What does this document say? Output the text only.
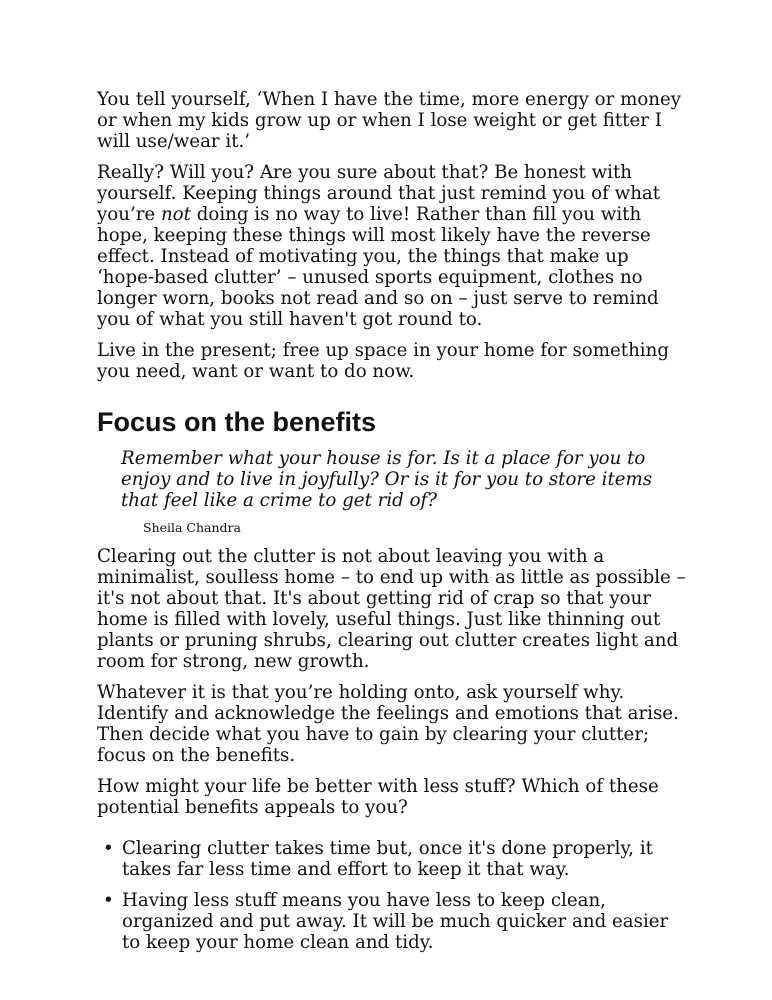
You tell yourself, ‘When I have the time, more energy or money or when my kids grow up or when I lose weight or get fitter I will use/wear it.’

Really? Will you? Are you sure about that? Be honest with yourself. Keeping things around that just remind you of what you’re not doing is no way to live! Rather than fill you with hope, keeping these things will most likely have the reverse effect. Instead of motivating you, the things that make up ‘hope-based clutter’ – unused sports equipment, clothes no longer worn, books not read and so on – just serve to remind you of what you still haven't got round to.

Live in the present; free up space in your home for something you need, want or want to do now.

Focus on the benefits

Remember what your house is for. Is it a place for you to enjoy and to live in joyfully? Or is it for you to store items that feel like a crime to get rid of?

Sheila Chandra

Clearing out the clutter is not about leaving you with a minimalist, soulless home – to end up with as little as possible – it's not about that. It's about getting rid of crap so that your home is filled with lovely, useful things. Just like thinning out plants or pruning shrubs, clearing out clutter creates light and room for strong, new growth.

Whatever it is that you’re holding onto, ask yourself why. Identify and acknowledge the feelings and emotions that arise. Then decide what you have to gain by clearing your clutter; focus on the benefits.

How might your life be better with less stuff? Which of these potential benefits appeals to you?

• Clearing clutter takes time but, once it's done properly, it takes far less time and effort to keep it that way.
• Having less stuff means you have less to keep clean, organized and put away. It will be much quicker and easier to keep your home clean and tidy.
